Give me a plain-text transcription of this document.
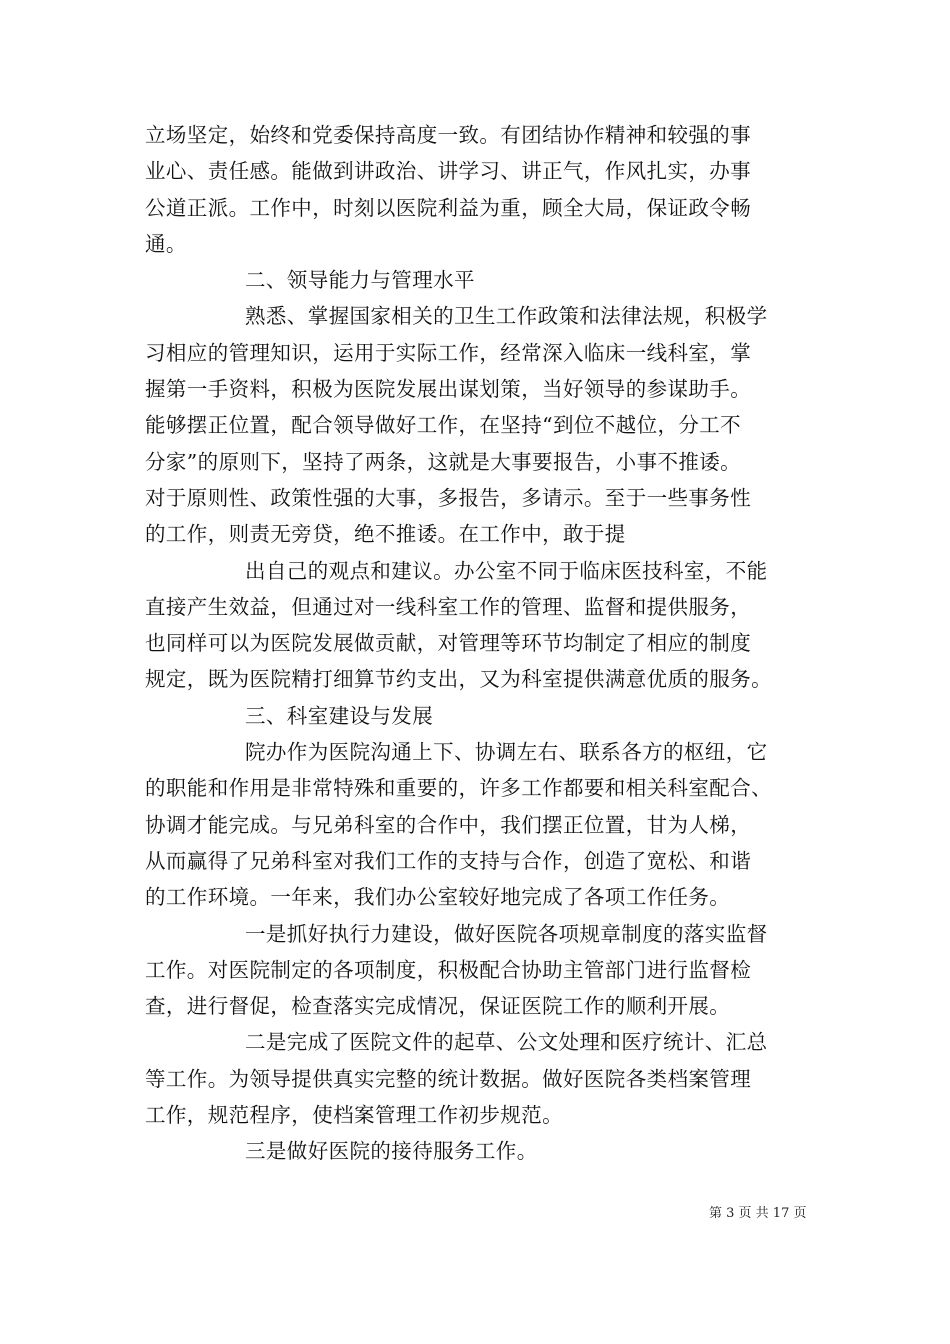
立场坚定，始终和党委保持高度一致。有团结协作精神和较强的事
业心、责任感。能做到讲政治、讲学习、讲正气，作风扎实，办事
公道正派。工作中，时刻以医院利益为重，顾全大局，保证政令畅
通。
二、领导能力与管理水平
熟悉、掌握国家相关的卫生工作政策和法律法规，积极学
习相应的管理知识，运用于实际工作，经常深入临床一线科室，掌
握第一手资料，积极为医院发展出谋划策，当好领导的参谋助手。
能够摆正位置，配合领导做好工作，在坚持“到位不越位，分工不
分家”的原则下，坚持了两条，这就是大事要报告，小事不推诿。
对于原则性、政策性强的大事，多报告，多请示。至于一些事务性
的工作，则责无旁贷，绝不推诿。在工作中，敢于提
出自己的观点和建议。办公室不同于临床医技科室，不能
直接产生效益，但通过对一线科室工作的管理、监督和提供服务，
也同样可以为医院发展做贡献，对管理等环节均制定了相应的制度
规定，既为医院精打细算节约支出，又为科室提供满意优质的服务。
三、科室建设与发展
院办作为医院沟通上下、协调左右、联系各方的枢纽，它
的职能和作用是非常特殊和重要的，许多工作都要和相关科室配合、
协调才能完成。与兄弟科室的合作中，我们摆正位置，甘为人梯，
从而赢得了兄弟科室对我们工作的支持与合作，创造了宽松、和谐
的工作环境。一年来，我们办公室较好地完成了各项工作任务。
一是抓好执行力建设，做好医院各项规章制度的落实监督
工作。对医院制定的各项制度，积极配合协助主管部门进行监督检
查，进行督促，检查落实完成情况，保证医院工作的顺利开展。
二是完成了医院文件的起草、公文处理和医疗统计、汇总
等工作。为领导提供真实完整的统计数据。做好医院各类档案管理
工作，规范程序，使档案管理工作初步规范。
三是做好医院的接待服务工作。
第 3 页 共 17 页
